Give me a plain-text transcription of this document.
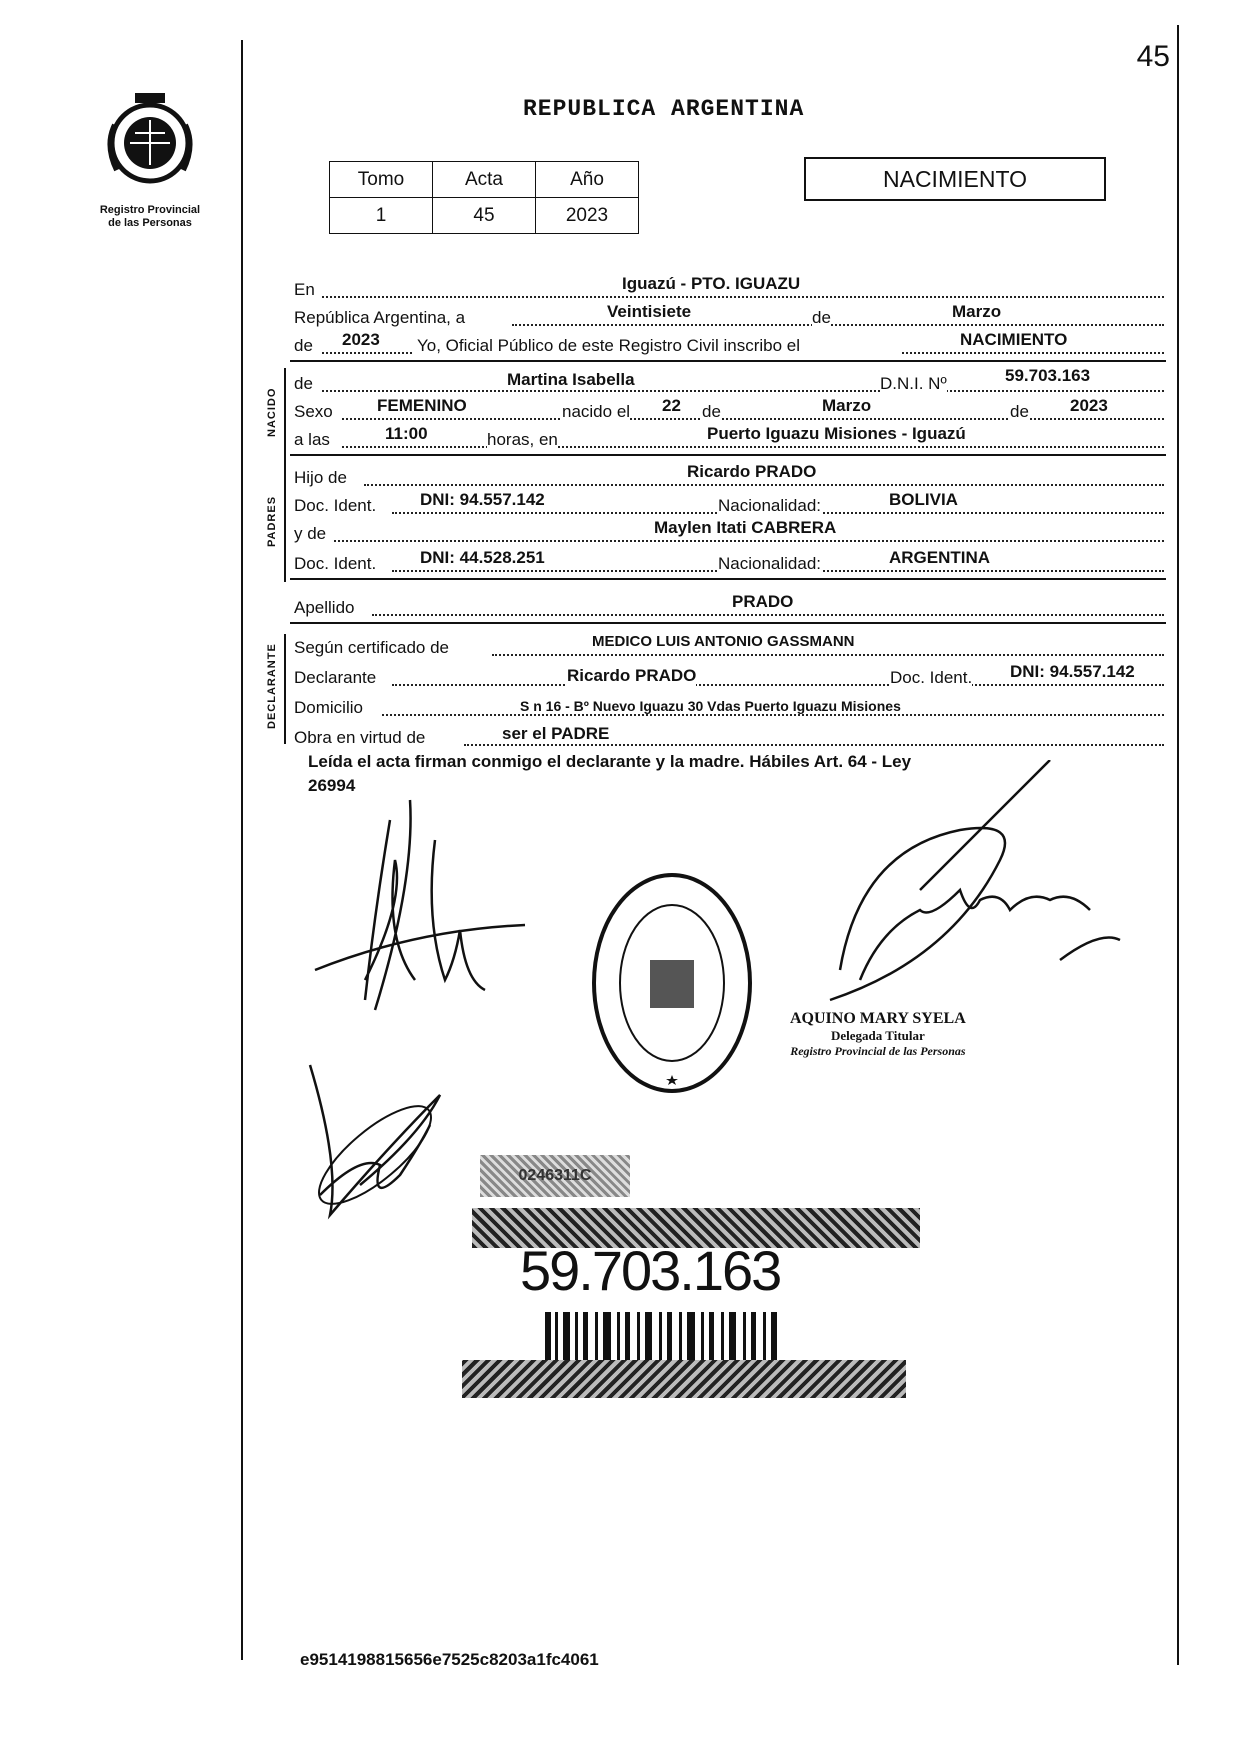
Registro Provincial
de las Personas
45
REPUBLICA ARGENTINA
Tomo	Acta	Año
1	45	2023
NACIMIENTO
En	Iguazú - PTO. IGUAZU
República Argentina, a	Veintisiete	de	Marzo
de 2023 Yo, Oficial Público de este Registro Civil inscribo el	NACIMIENTO
NACIDO
de	Martina Isabella	D.N.I. Nº	59.703.163
Sexo	FEMENINO	nacido el 22 de	Marzo	de 2023
a las	11:00	horas, en	Puerto Iguazu Misiones - Iguazú
PADRES
Hijo de	Ricardo PRADO
Doc. Ident.	DNI: 94.557.142	Nacionalidad:	BOLIVIA
y de	Maylen Itati CABRERA
Doc. Ident.	DNI: 44.528.251	Nacionalidad:	ARGENTINA
Apellido	PRADO
DECLARANTE Según certificado de	MEDICO LUIS ANTONIO GASSMANN
Declarante	Ricardo PRADO	Doc. Ident. DNI: 94.557.142
Domicilio	S n 16 - Bº Nuevo Iguazu 30 Vdas Puerto Iguazu Misiones
Obra en virtud de	ser el PADRE
Leída el acta firman conmigo el declarante y la madre. Hábiles Art. 64 - Ley
26994
AQUINO MARY SYELA
Delegada Titular
Registro Provincial de las Personas
0246311C
59.703.163
e9514198815656e7525c8203a1fc4061
